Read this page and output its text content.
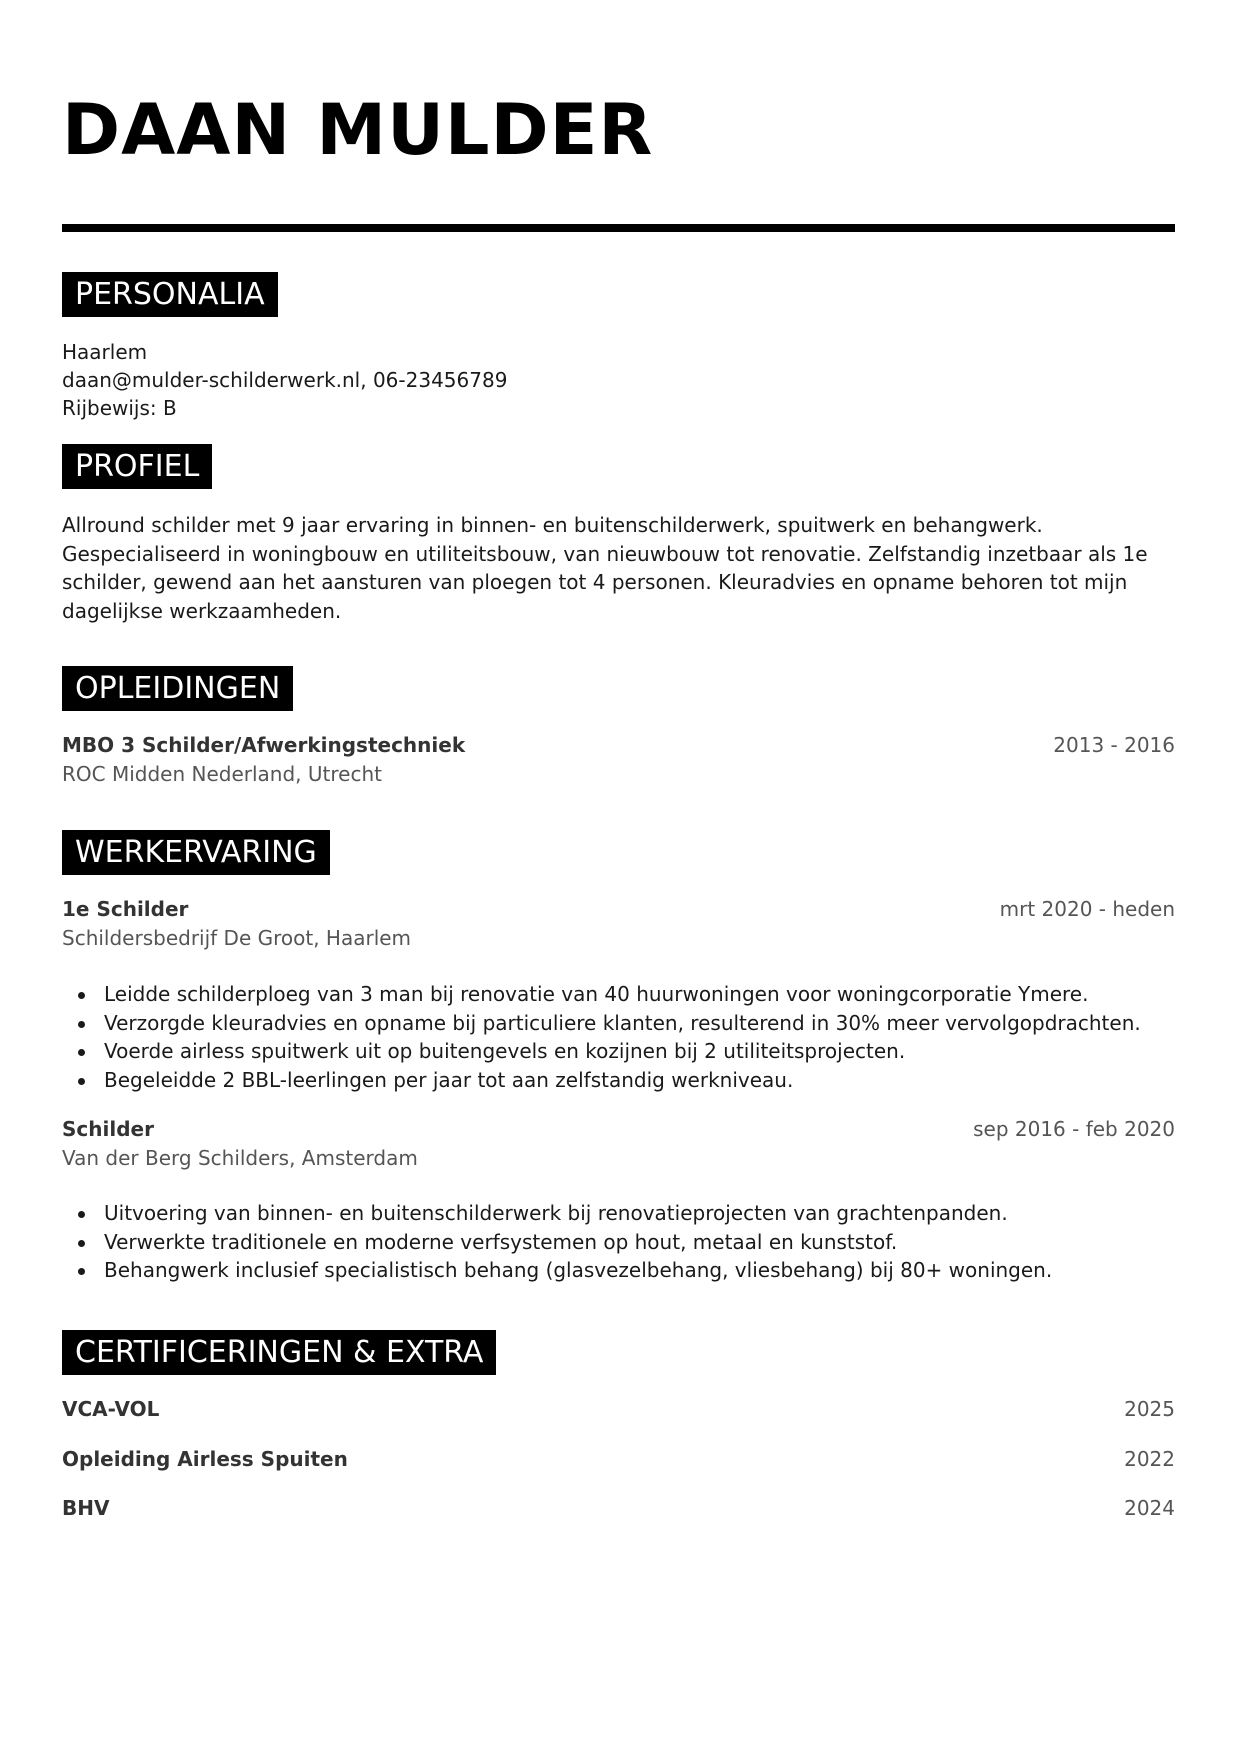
DAAN MULDER
PERSONALIA
Haarlem
daan@mulder-schilderwerk.nl, 06-23456789
Rijbewijs: B
PROFIEL
Allround schilder met 9 jaar ervaring in binnen- en buitenschilderwerk, spuitwerk en behangwerk.
Gespecialiseerd in woningbouw en utiliteitsbouw, van nieuwbouw tot renovatie. Zelfstandig inzetbaar als 1e
schilder, gewend aan het aansturen van ploegen tot 4 personen. Kleuradvies en opname behoren tot mijn
dagelijkse werkzaamheden.
OPLEIDINGEN
MBO 3 Schilder/Afwerkingstechniek	2013 - 2016
ROC Midden Nederland, Utrecht
WERKERVARING
1e Schilder	mrt 2020 - heden
Schildersbedrijf De Groot, Haarlem
Leidde schilderploeg van 3 man bij renovatie van 40 huurwoningen voor woningcorporatie Ymere.
Verzorgde kleuradvies en opname bij particuliere klanten, resulterend in 30% meer vervolgopdrachten.
Voerde airless spuitwerk uit op buitengevels en kozijnen bij 2 utiliteitsprojecten.
Begeleidde 2 BBL-leerlingen per jaar tot aan zelfstandig werkniveau.
Schilder	sep 2016 - feb 2020
Van der Berg Schilders, Amsterdam
Uitvoering van binnen- en buitenschilderwerk bij renovatieprojecten van grachtenpanden.
Verwerkte traditionele en moderne verfsystemen op hout, metaal en kunststof.
Behangwerk inclusief specialistisch behang (glasvezelbehang, vliesbehang) bij 80+ woningen.
CERTIFICERINGEN & EXTRA
VCA-VOL	2025
Opleiding Airless Spuiten	2022
BHV	2024
